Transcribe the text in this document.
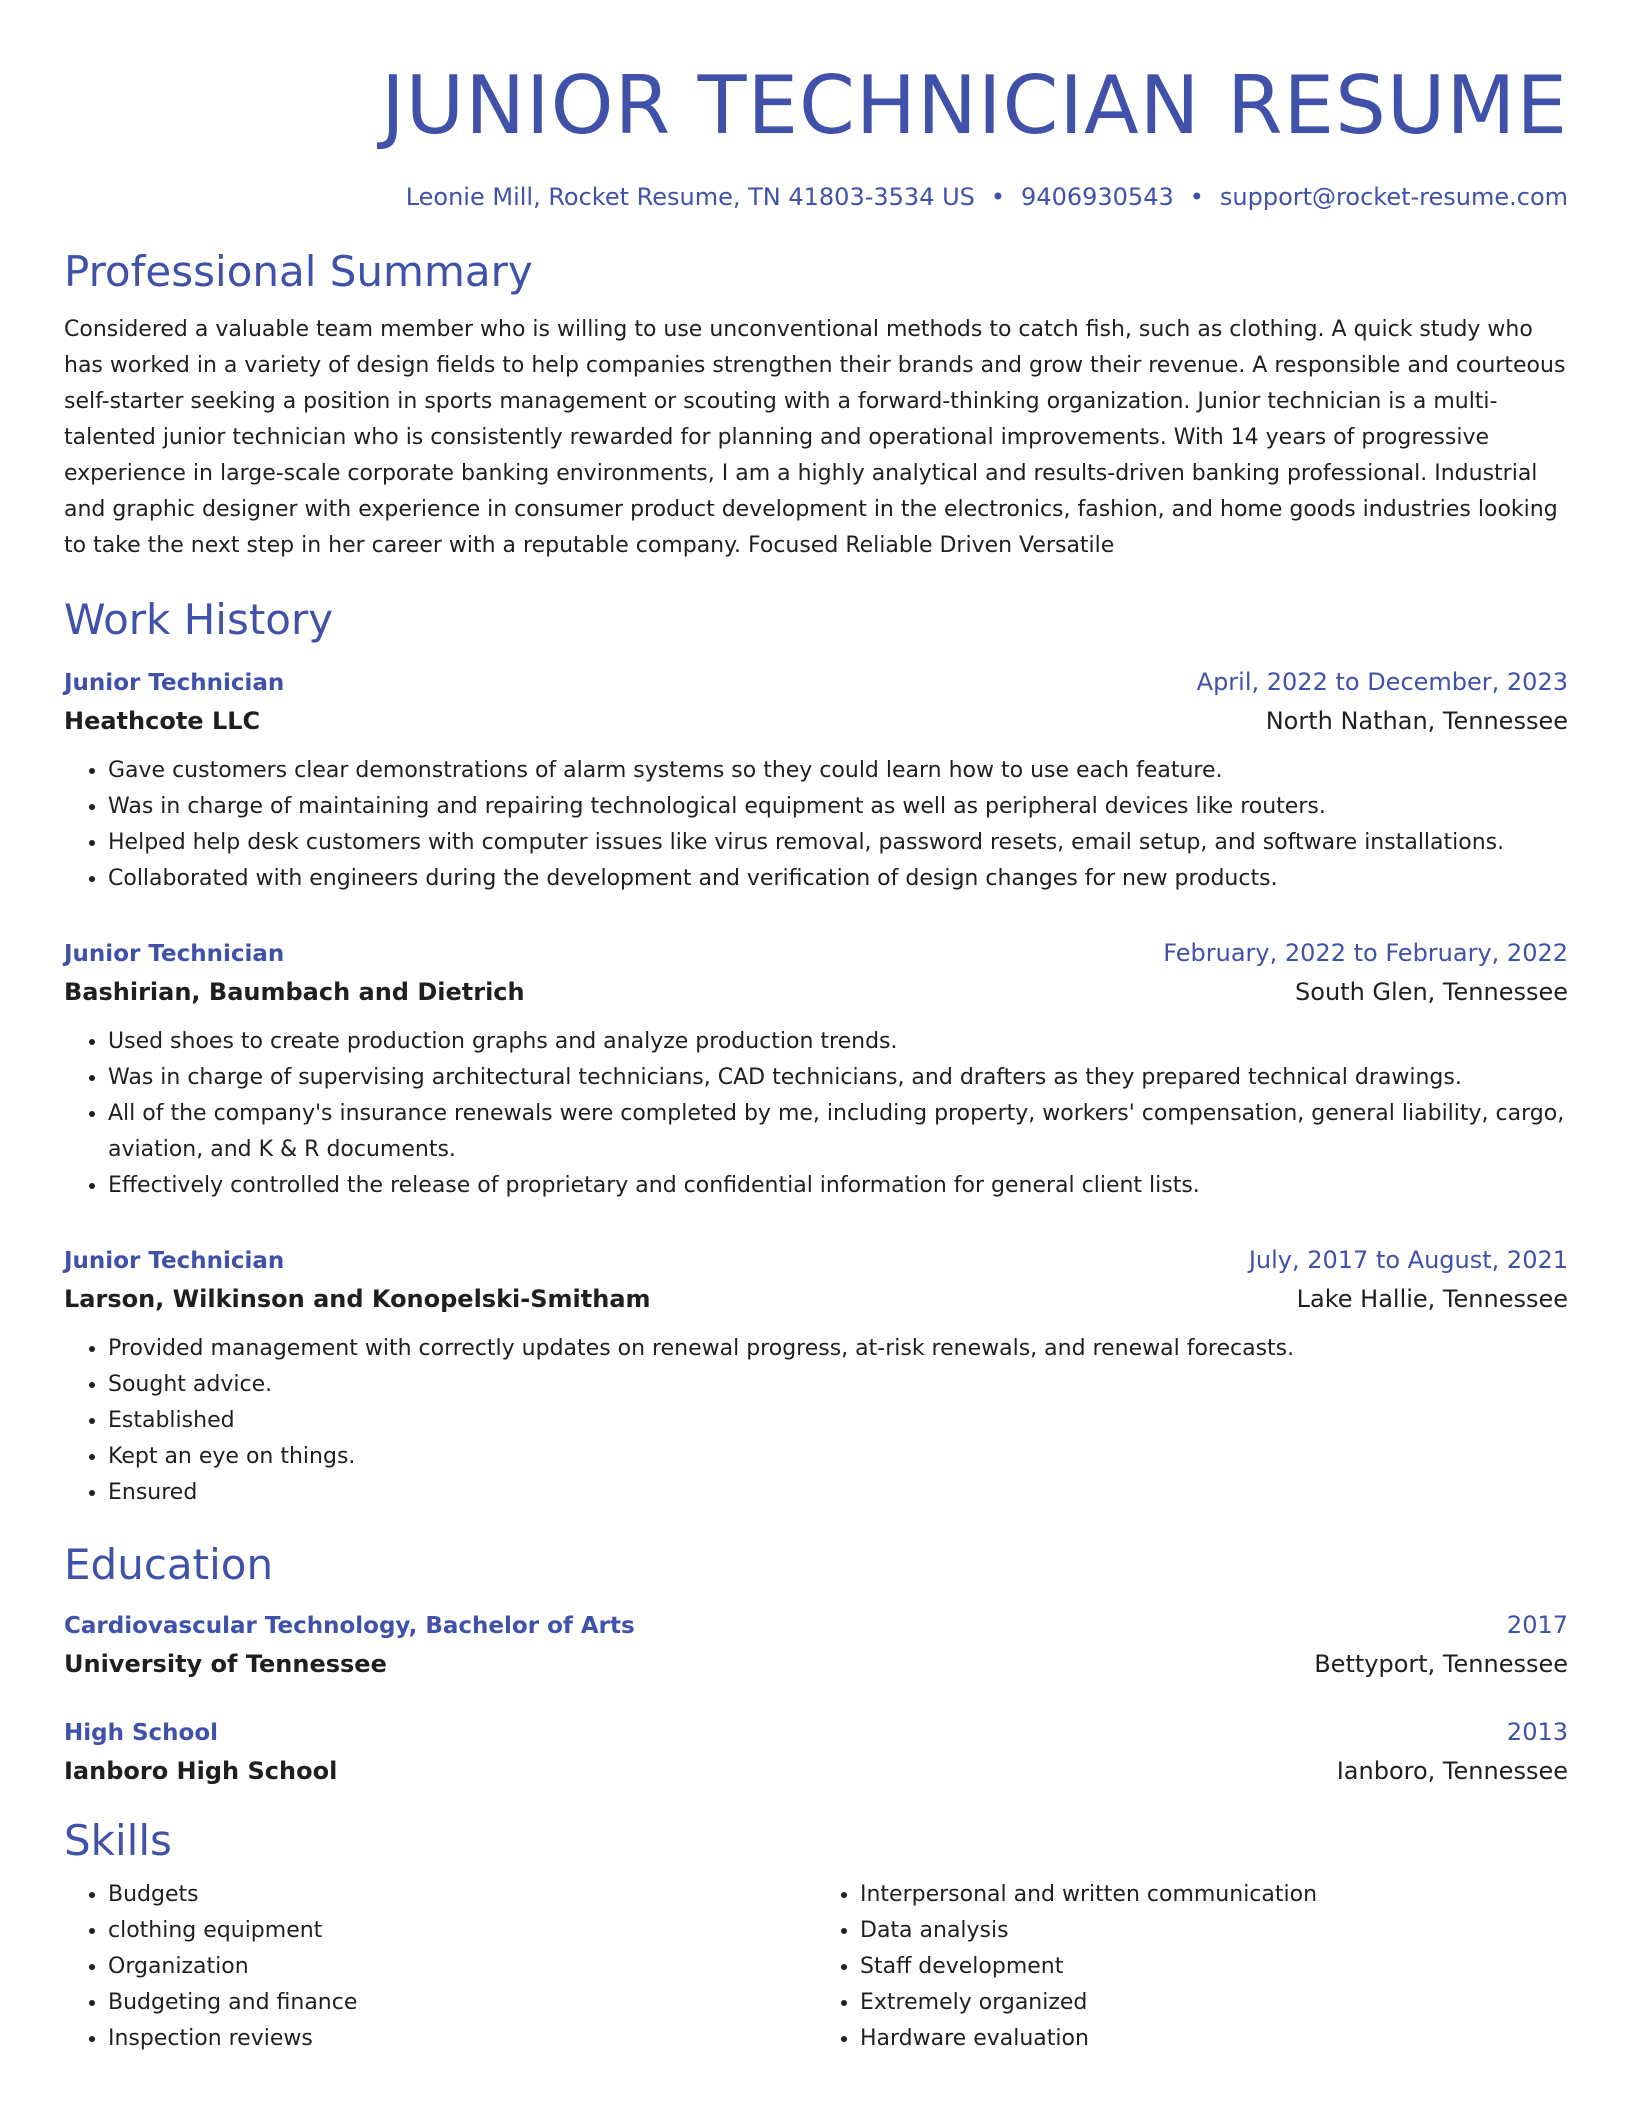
JUNIOR TECHNICIAN RESUME
Leonie Mill, Rocket Resume, TN 41803-3534 US • 9406930543 • support@rocket-resume.com
Professional Summary
Considered a valuable team member who is willing to use unconventional methods to catch fish, such as clothing. A quick study who has worked in a variety of design fields to help companies strengthen their brands and grow their revenue. A responsible and courteous self-starter seeking a position in sports management or scouting with a forward-thinking organization. Junior technician is a multi-talented junior technician who is consistently rewarded for planning and operational improvements. With 14 years of progressive experience in large-scale corporate banking environments, I am a highly analytical and results-driven banking professional. Industrial and graphic designer with experience in consumer product development in the electronics, fashion, and home goods industries looking to take the next step in her career with a reputable company. Focused Reliable Driven Versatile
Work History
Junior Technician	April, 2022 to December, 2023
Heathcote LLC	North Nathan, Tennessee
• Gave customers clear demonstrations of alarm systems so they could learn how to use each feature.
• Was in charge of maintaining and repairing technological equipment as well as peripheral devices like routers.
• Helped help desk customers with computer issues like virus removal, password resets, email setup, and software installations.
• Collaborated with engineers during the development and verification of design changes for new products.
Junior Technician	February, 2022 to February, 2022
Bashirian, Baumbach and Dietrich	South Glen, Tennessee
• Used shoes to create production graphs and analyze production trends.
• Was in charge of supervising architectural technicians, CAD technicians, and drafters as they prepared technical drawings.
• All of the company's insurance renewals were completed by me, including property, workers' compensation, general liability, cargo, aviation, and K & R documents.
• Effectively controlled the release of proprietary and confidential information for general client lists.
Junior Technician	July, 2017 to August, 2021
Larson, Wilkinson and Konopelski-Smitham	Lake Hallie, Tennessee
• Provided management with correctly updates on renewal progress, at-risk renewals, and renewal forecasts.
• Sought advice.
• Established
• Kept an eye on things.
• Ensured
Education
Cardiovascular Technology, Bachelor of Arts	2017
University of Tennessee	Bettyport, Tennessee
High School	2013
Ianboro High School	Ianboro, Tennessee
Skills
• Budgets
• clothing equipment
• Organization
• Budgeting and finance
• Inspection reviews
• Interpersonal and written communication
• Data analysis
• Staff development
• Extremely organized
• Hardware evaluation
